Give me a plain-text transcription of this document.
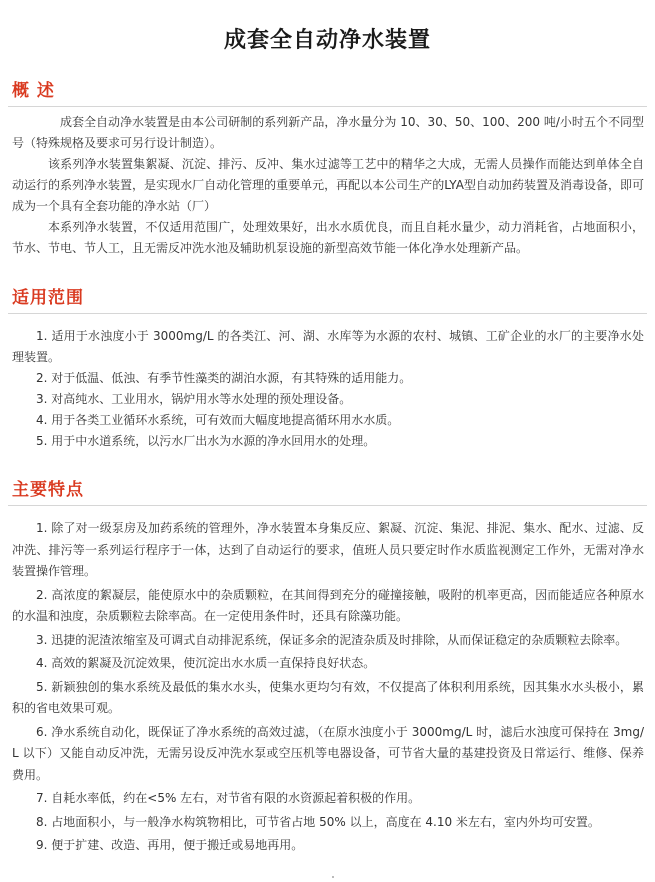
成套全自动净水装置
概 述

成套全自动净水装置是由本公司研制的系列新产品，净水量分为 10、30、50、100、200 吨/小时五个不同型号（特殊规格及要求可另行设计制造）。

该系列净水装置集絮凝、沉淀、排污、反冲、集水过滤等工艺中的精华之大成，无需人员操作而能达到单体全自动运行的系列净水装置，是实现水厂自动化管理的重要单元，再配以本公司生产的LYA型自动加药装置及消毒设备，即可成为一个具有全套功能的净水站（厂）

本系列净水装置，不仅适用范围广，处理效果好，出水水质优良，而且自耗水量少，动力消耗省，占地面积小，节水、节电、节人工，且无需反冲洗水池及辅助机泵设施的新型高效节能一体化净水处理新产品。

适用范围
1. 适用于水浊度小于 3000mg/L 的各类江、河、湖、水库等为水源的农村、城镇、工矿企业的水厂的主要净水处理装置。
2. 对于低温、低浊、有季节性藻类的湖泊水源，有其特殊的适用能力。
3. 对高纯水、工业用水，锅炉用水等水处理的预处理设备。
4. 用于各类工业循环水系统，可有效而大幅度地提高循环用水水质。
5. 用于中水道系统，以污水厂出水为水源的净水回用水的处理。
主要特点
1. 除了对一级泵房及加药系统的管理外，净水装置本身集反应、絮凝、沉淀、集泥、排泥、集水、配水、过滤、反冲洗、排污等一系列运行程序于一体，达到了自动运行的要求，值班人员只要定时作水质监视测定工作外，无需对净水装置操作管理。
2. 高浓度的絮凝层，能使原水中的杂质颗粒，在其间得到充分的碰撞接触，吸附的机率更高，因而能适应各种原水的水温和浊度，杂质颗粒去除率高。在一定使用条件时，还具有除藻功能。
3. 迅捷的泥渣浓缩室及可调式自动排泥系统，保证多余的泥渣杂质及时排除，从而保证稳定的杂质颗粒去除率。
4. 高效的絮凝及沉淀效果，使沉淀出水水质一直保持良好状态。
5. 新颖独创的集水系统及最低的集水水头，使集水更均匀有效，不仅提高了体积利用系统，因其集水水头极小，累积的省电效果可观。
6. 净水系统自动化，既保证了净水系统的高效过滤，（在原水浊度小于 3000mg/L 时，滤后水浊度可保持在 3mg/L 以下）又能自动反冲洗，无需另设反冲洗水泵或空压机等电器设备，可节省大量的基建投资及日常运行、维修、保养费用。
7. 自耗水率低，约在<5% 左右，对节省有限的水资源起着积极的作用。
8. 占地面积小，与一般净水构筑物相比，可节省占地 50% 以上，高度在 4.10 米左右，室内外均可安置。
9. 便于扩建、改造、再用，便于搬迁或易地再用。
